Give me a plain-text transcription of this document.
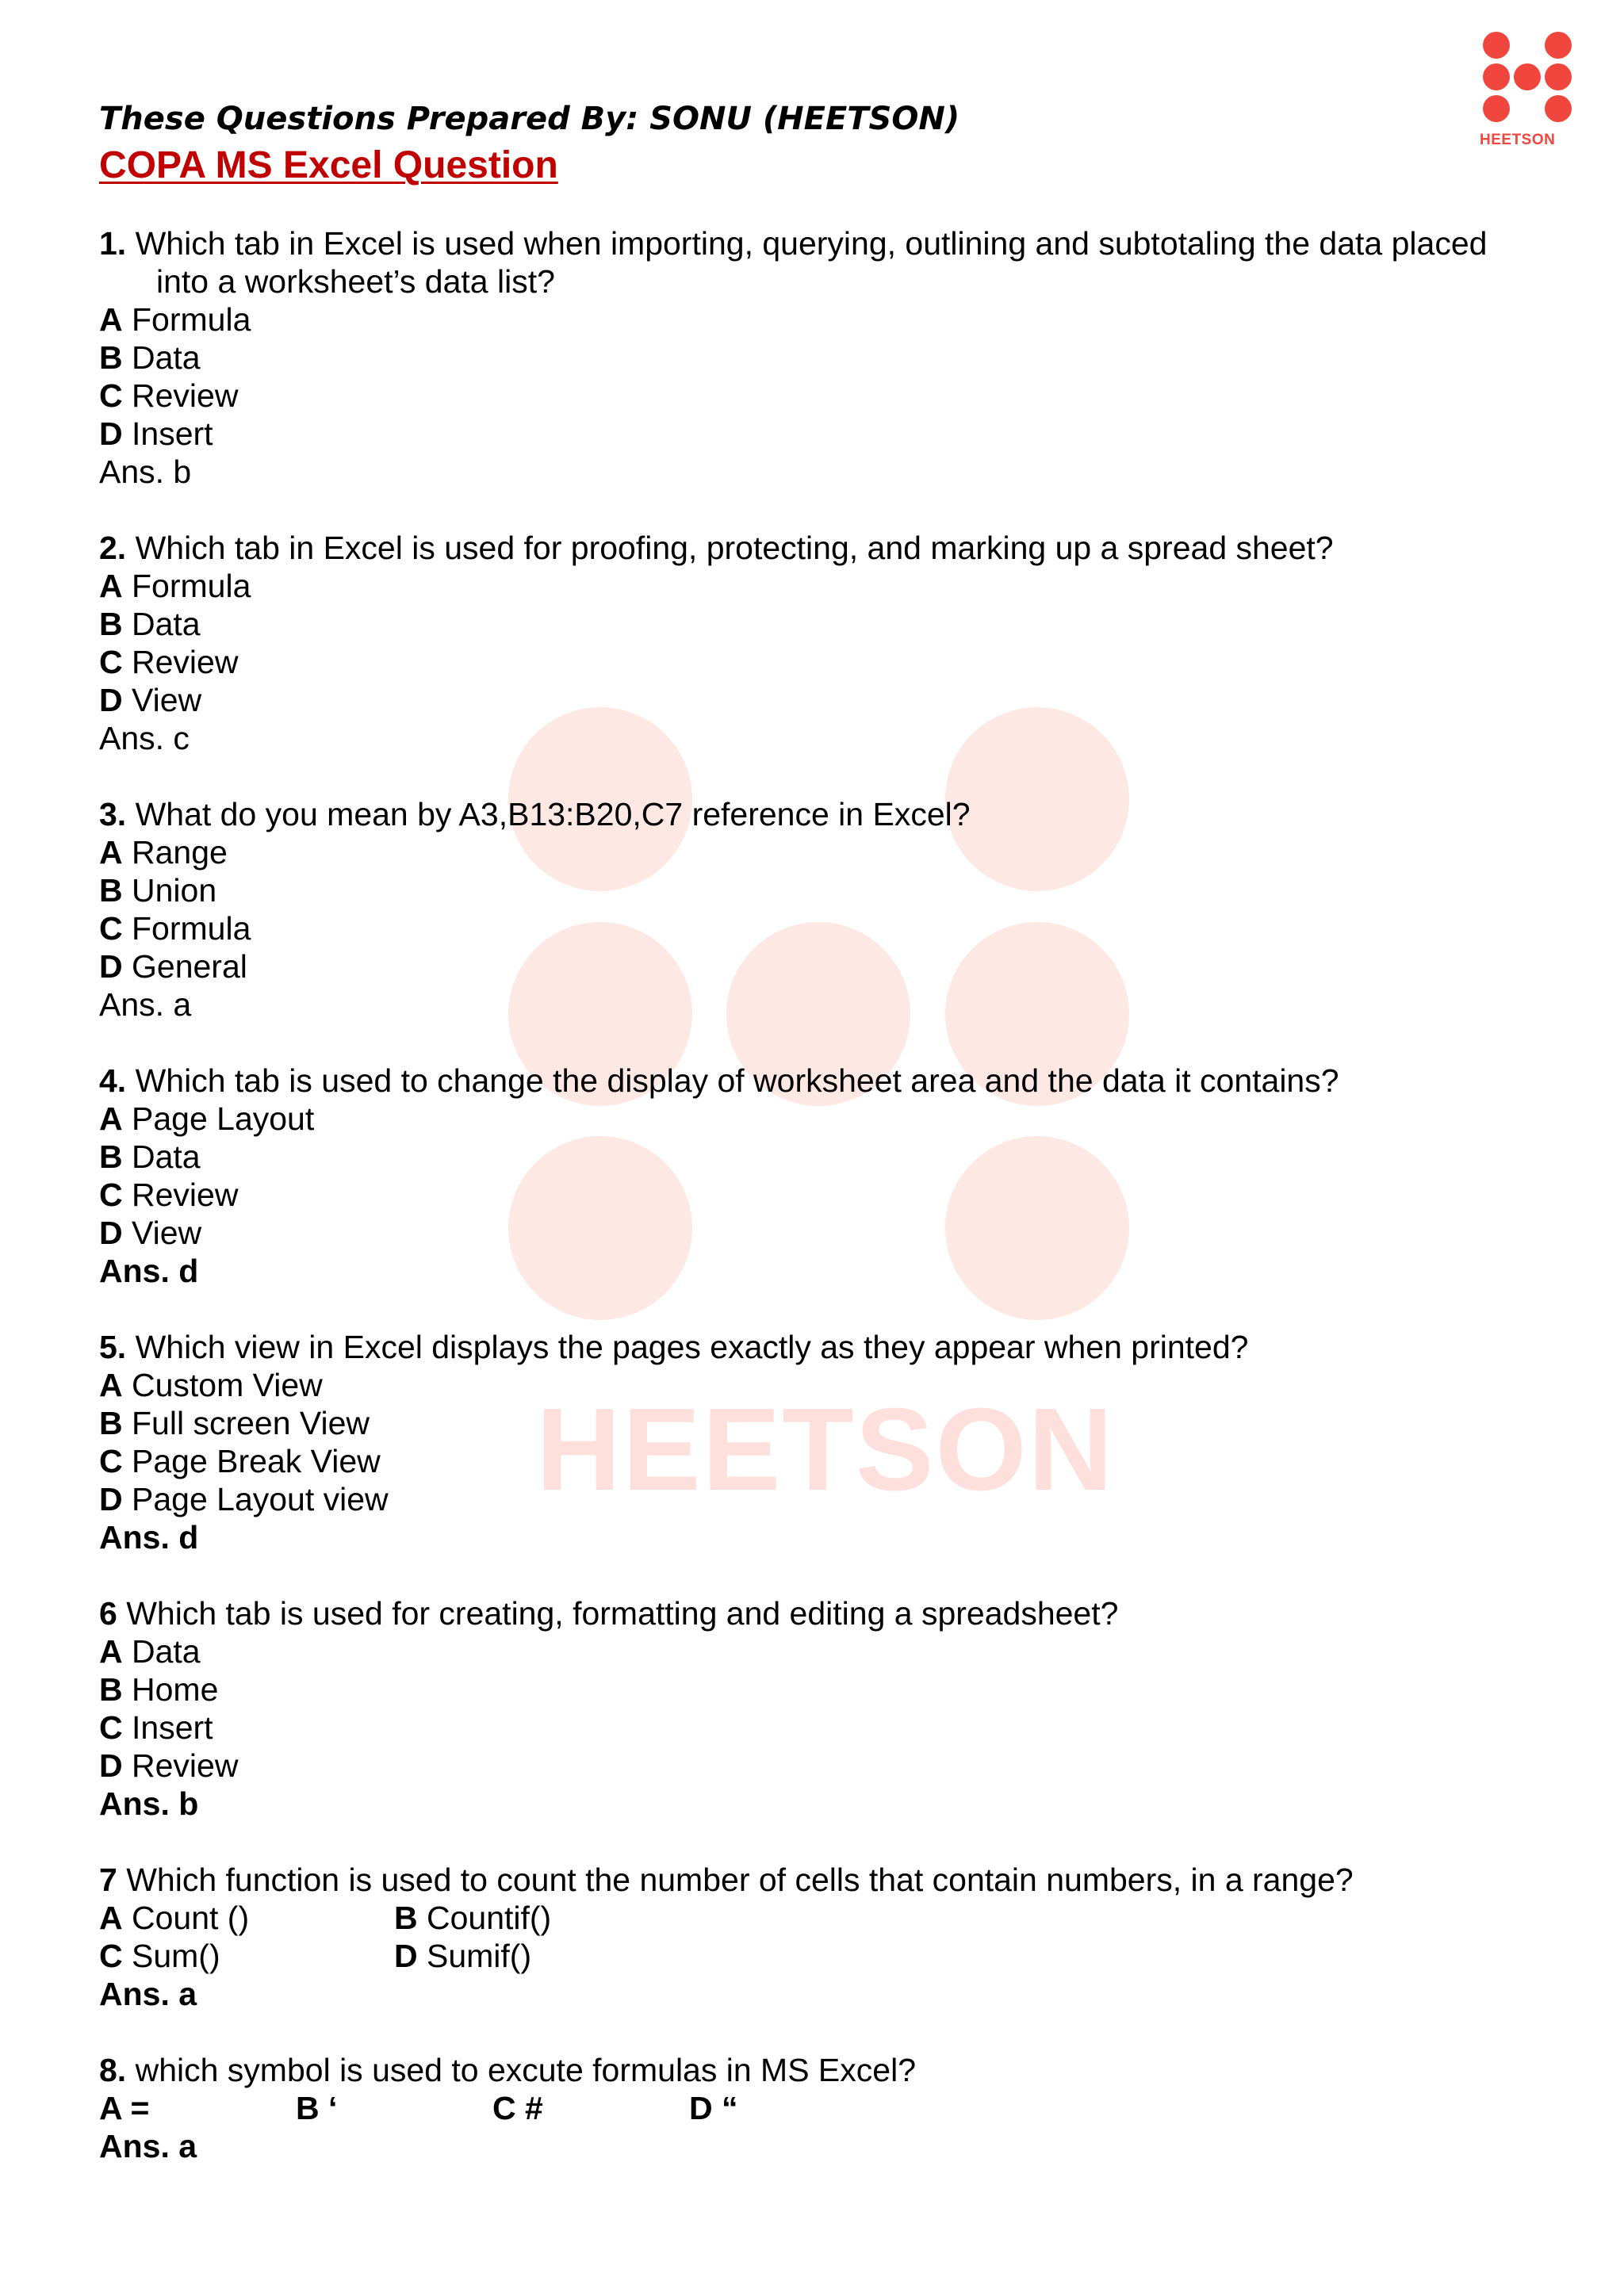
HEETSON
HEETSON
These Questions Prepared By: SONU (HEETSON)
COPA MS Excel Question
1. Which tab in Excel is used when importing, querying, outlining and subtotaling the data placed into a worksheet’s data list?
A Formula
B Data
C Review
D Insert
Ans. b
2. Which tab in Excel is used for proofing, protecting, and marking up a spread sheet?
A Formula
B Data
C Review
D View
Ans. c
3. What do you mean by A3,B13:B20,C7 reference in Excel?
A Range
B Union
C Formula
D General
Ans. a
4. Which tab is used to change the display of worksheet area and the data it contains?
A Page Layout
B Data
C Review
D View
Ans. d
5. Which view in Excel displays the pages exactly as they appear when printed?
A Custom View
B Full screen View
C Page Break View
D Page Layout view
Ans. d
6 Which tab is used for creating, formatting and editing a spreadsheet?
A Data
B Home
C Insert
D Review
Ans. b
7 Which function is used to count the number of cells that contain numbers, in a range?
A Count ()	B Countif()
C Sum()	D Sumif()
Ans. a
8. which symbol is used to excute formulas in MS Excel?
A =	B ‘	C #	D “
Ans. a
